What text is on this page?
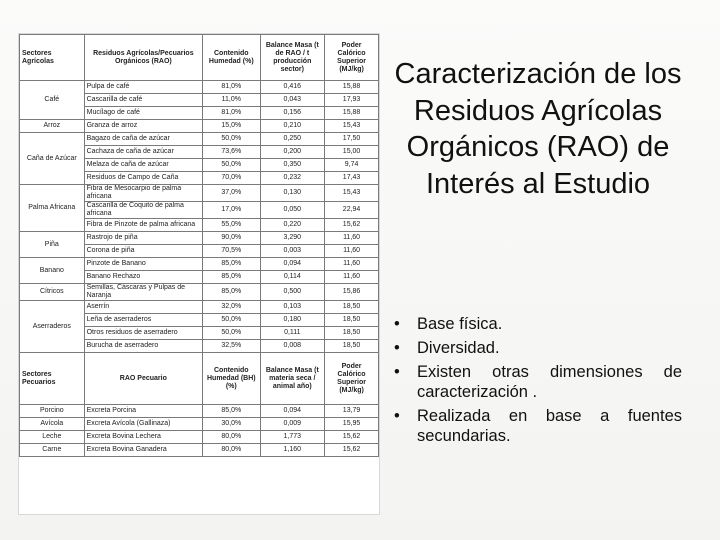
Sectores Agrícolas	Residuos Agrícolas/Pecuarios Orgánicos (RAO)	Contenido Humedad (%)	Balance Masa (t de RAO / t producción sector)	Poder Calórico Superior (MJ/kg)
Café	Pulpa de café	81,0%	0,416	15,88
	Cascarilla de café	11,0%	0,043	17,93
	Mucílago de café	81,0%	0,156	15,88
Arroz	Granza de arroz	15,0%	0,210	15,43
Caña de Azúcar	Bagazo de caña de azúcar	50,0%	0,250	17,50
	Cachaza de caña de azúcar	73,6%	0,200	15,00
	Melaza de caña de azúcar	50,0%	0,350	9,74
	Residuos de Campo de Caña	70,0%	0,232	17,43
Palma Africana	Fibra de Mesocarpio de palma africana	37,0%	0,130	15,43
	Cascarilla de Coquito de palma africana	17,0%	0,050	22,94
	Fibra de Pinzote de palma africana	55,0%	0,220	15,62
Piña	Rastrojo de piña	90,0%	3,290	11,60
	Corona de piña	70,5%	0,003	11,60
Banano	Pinzote de Banano	85,0%	0,094	11,60
	Banano Rechazo	85,0%	0,114	11,60
Cítricos	Semillas, Cáscaras y Pulpas de Naranja	85,0%	0,500	15,86
Aserraderos	Aserrín	32,0%	0,103	18,50
	Leña de aserraderos	50,0%	0,180	18,50
	Otros residuos de aserradero	50,0%	0,111	18,50
	Burucha de aserradero	32,5%	0,008	18,50
Sectores Pecuarios	RAO Pecuario	Contenido Humedad (BH) (%)	Balance Masa (t materia seca / animal año)	Poder Calórico Superior (MJ/kg)
Porcino	Excreta Porcina	85,0%	0,094	13,79
Avícola	Excreta Avícola (Gallinaza)	30,0%	0,009	15,95
Leche	Excreta Bovina Lechera	80,0%	1,773	15,62
Carne	Excreta Bovina Ganadera	80,0%	1,160	15,62
Caracterización de los Residuos Agrícolas Orgánicos (RAO) de Interés al Estudio
• Base física.
• Diversidad.
• Existen otras dimensiones de caracterización .
• Realizada en base a fuentes secundarias.
